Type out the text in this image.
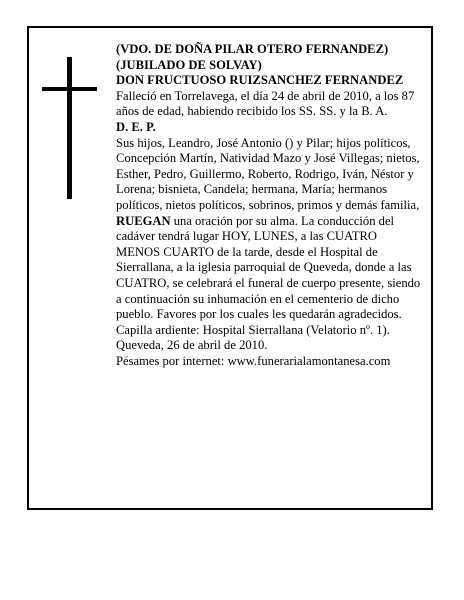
(VDO. DE DOÑA PILAR OTERO FERNANDEZ)
(JUBILADO DE SOLVAY)
DON FRUCTUOSO RUIZSANCHEZ FERNANDEZ

Falleció en Torrelavega, el día 24 de abril de 2010, a los 87 años de edad, habiendo recibido los SS. SS. y la B. A.

D. E. P.

Sus hijos, Leandro, José Antonio () y Pilar; hijos políticos, Concepción Martín, Natividad Mazo y José Villegas; nietos, Esther, Pedro, Guillermo, Roberto, Rodrigo, Iván, Néstor y Lorena; bisnieta, Candela; hermana, María; hermanos políticos, nietos políticos, sobrinos, primos y demás familia,

RUEGAN una oración por su alma. La conducción del cadáver tendrá lugar HOY, LUNES, a las CUATRO MENOS CUARTO de la tarde, desde el Hospital de Sierrallana, a la iglesia parroquial de Queveda, donde a las CUATRO, se celebrará el funeral de cuerpo presente, siendo a continuación su inhumación en el cementerio de dicho pueblo. Favores por los cuales les quedarán agradecidos. Capilla ardiente: Hospital Sierrallana (Velatorio nº. 1).

Queveda, 26 de abril de 2010.

Pésames por internet: www.funerarialamontanesa.com
